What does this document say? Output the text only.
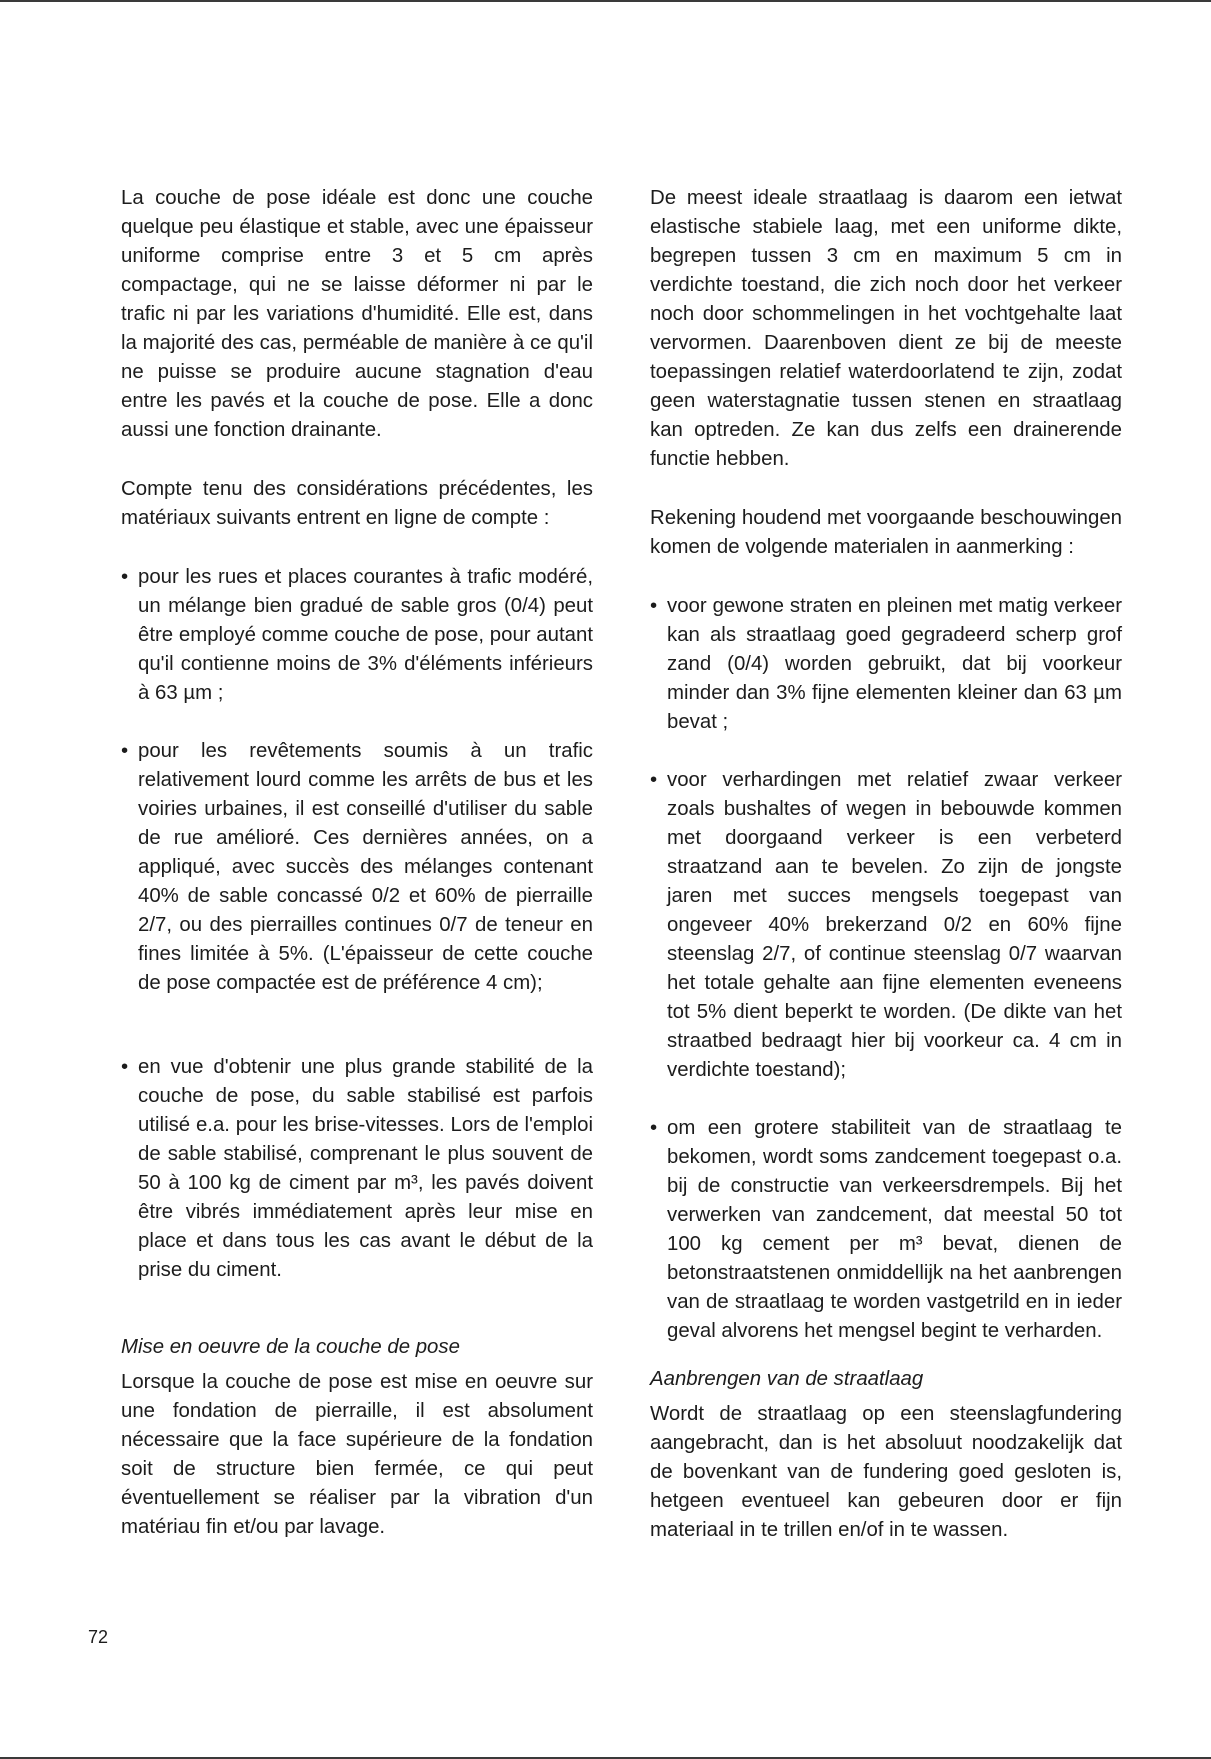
La couche de pose idéale est donc une couche quelque peu élastique et stable, avec une épaisseur uniforme comprise entre 3 et 5 cm après compactage, qui ne se laisse déformer ni par le trafic ni par les variations d'humidité. Elle est, dans la majorité des cas, perméable de manière à ce qu'il ne puisse se produire aucune stagnation d'eau entre les pavés et la couche de pose. Elle a donc aussi une fonction drainante.

Compte tenu des considérations précédentes, les matériaux suivants entrent en ligne de compte :

• pour les rues et places courantes à trafic modéré, un mélange bien gradué de sable gros (0/4) peut être employé comme couche de pose, pour autant qu'il contienne moins de 3% d'éléments inférieurs à 63 µm ;
• pour les revêtements soumis à un trafic relativement lourd comme les arrêts de bus et les voiries urbaines, il est conseillé d'utiliser du sable de rue amélioré. Ces dernières années, on a appliqué, avec succès des mélanges contenant 40% de sable concassé 0/2 et 60% de pierraille 2/7, ou des pierrailles continues 0/7 de teneur en fines limitée à 5%. (L'épaisseur de cette couche de pose compactée est de préférence 4 cm);
• en vue d'obtenir une plus grande stabilité de la couche de pose, du sable stabilisé est parfois utilisé e.a. pour les brise-vitesses. Lors de l'emploi de sable stabilisé, comprenant le plus souvent de 50 à 100 kg de ciment par m³, les pavés doivent être vibrés immédiatement après leur mise en place et dans tous les cas avant le début de la prise du ciment.
Mise en oeuvre de la couche de pose

Lorsque la couche de pose est mise en oeuvre sur une fondation de pierraille, il est absolument nécessaire que la face supérieure de la fondation soit de structure bien fermée, ce qui peut éventuellement se réaliser par la vibration d'un matériau fin et/ou par lavage.

De meest ideale straatlaag is daarom een ietwat elastische stabiele laag, met een uniforme dikte, begrepen tussen 3 cm en maximum 5 cm in verdichte toestand, die zich noch door het verkeer noch door schommelingen in het vochtgehalte laat vervormen. Daarenboven dient ze bij de meeste toepassingen relatief waterdoorlatend te zijn, zodat geen waterstagnatie tussen stenen en straatlaag kan optreden. Ze kan dus zelfs een drainerende functie hebben.

Rekening houdend met voorgaande beschouwingen komen de volgende materialen in aanmerking :

• voor gewone straten en pleinen met matig verkeer kan als straatlaag goed gegradeerd scherp grof zand (0/4) worden gebruikt, dat bij voorkeur minder dan 3% fijne elementen kleiner dan 63 µm bevat ;
• voor verhardingen met relatief zwaar verkeer zoals bushaltes of wegen in bebouwde kommen met doorgaand verkeer is een verbeterd straatzand aan te bevelen. Zo zijn de jongste jaren met succes mengsels toegepast van ongeveer 40% brekerzand 0/2 en 60% fijne steenslag 2/7, of continue steenslag 0/7 waarvan het totale gehalte aan fijne elementen eveneens tot 5% dient beperkt te worden. (De dikte van het straatbed bedraagt hier bij voorkeur ca. 4 cm in verdichte toestand);
• om een grotere stabiliteit van de straatlaag te bekomen, wordt soms zandcement toegepast o.a. bij de constructie van verkeersdrempels. Bij het verwerken van zandcement, dat meestal 50 tot 100 kg cement per m³ bevat, dienen de betonstraatstenen onmiddellijk na het aanbrengen van de straatlaag te worden vastgetrild en in ieder geval alvorens het mengsel begint te verharden.
Aanbrengen van de straatlaag

Wordt de straatlaag op een steenslagfundering aangebracht, dan is het absoluut noodzakelijk dat de bovenkant van de fundering goed gesloten is, hetgeen eventueel kan gebeuren door er fijn materiaal in te trillen en/of in te wassen.

72
